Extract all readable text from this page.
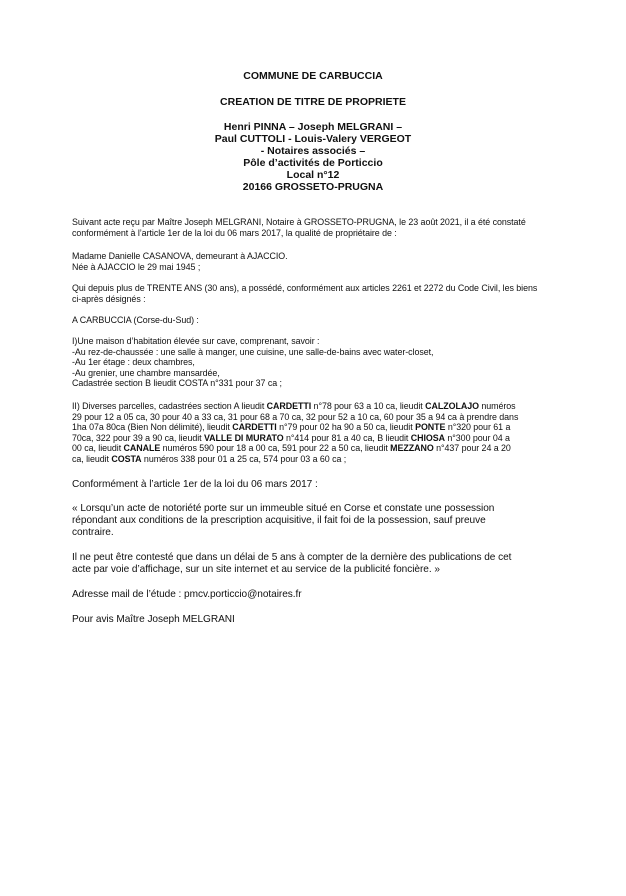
COMMUNE DE CARBUCCIA
CREATION DE TITRE DE PROPRIETE
Henri PINNA – Joseph MELGRANI –
Paul CUTTOLI - Louis-Valery VERGEOT
- Notaires associés –
Pôle d’activités de Porticcio
Local n°12
20166 GROSSETO-PRUGNA

Suivant acte reçu par Maître Joseph MELGRANI, Notaire à GROSSETO-PRUGNA, le 23 août 2021, il a été constaté

conformément à l’article 1er de la loi du 06 mars 2017, la qualité de propriétaire de :

Madame Danielle CASANOVA, demeurant à AJACCIO.

Née à AJACCIO le 29 mai 1945 ;

Qui depuis plus de TRENTE ANS (30 ans), a possédé, conformément aux articles 2261 et 2272 du Code Civil, les biens

ci-après désignés :

A CARBUCCIA (Corse-du-Sud) :

I)Une maison d’habitation élevée sur cave, comprenant, savoir :

-Au rez-de-chaussée : une salle à manger, une cuisine, une salle-de-bains avec water-closet,

-Au 1er étage : deux chambres,

-Au grenier, une chambre mansardée,

Cadastrée section B lieudit COSTA n°331 pour 37 ca ;

II) Diverses parcelles, cadastrées section A lieudit CARDETTI n°78 pour 63 a 10 ca, lieudit CALZOLAJO numéros

29 pour 12 a 05 ca, 30 pour 40 a 33 ca, 31 pour 68 a 70 ca, 32 pour 52 a 10 ca, 60 pour 35 a 94 ca à prendre dans

1ha 07a 80ca (Bien Non délimité), lieudit CARDETTI n°79 pour 02 ha 90 a 50 ca, lieudit PONTE n°320 pour 61 a

70ca, 322 pour 39 a 90 ca, lieudit VALLE DI MURATO n°414 pour 81 a 40 ca, B lieudit CHIOSA n°300 pour 04 a

00 ca, lieudit CANALE numéros 590 pour 18 a 00 ca, 591 pour 22 a 50 ca, lieudit MEZZANO n°437 pour 24 a 20

ca, lieudit COSTA numéros 338 pour 01 a 25 ca, 574 pour 03 a 60 ca ;

Conformément à l’article 1er de la loi du 06 mars 2017 :

« Lorsqu’un acte de notoriété porte sur un immeuble situé en Corse et constate une possession

répondant aux conditions de la prescription acquisitive, il fait foi de la possession, sauf preuve

contraire.

Il ne peut être contesté que dans un délai de 5 ans à compter de la dernière des publications de cet

acte par voie d’affichage, sur un site internet et au service de la publicité foncière. »

Adresse mail de l’étude : pmcv.porticcio@notaires.fr

Pour avis Maître Joseph MELGRANI
